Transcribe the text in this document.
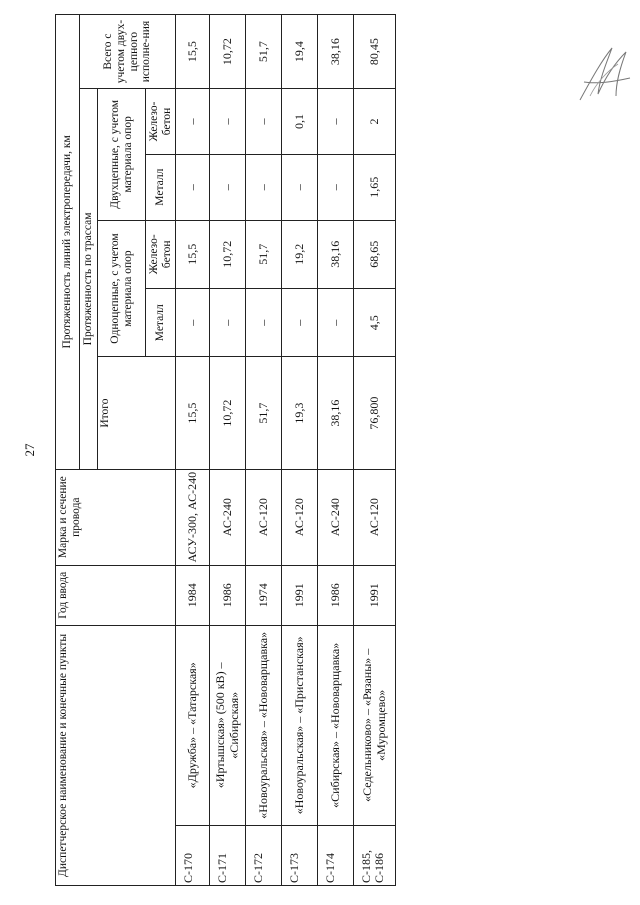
27
Диспетчерское наименование и конечные пункты		Год ввода	Марка и сечение провода	Протяженность линий электропередачи, км					
				Протяженность по трассам					Всего с учетом двух-цепного исполне-ния
				Итого	Одноцепные, с учетом материала опор		Двухцепные, с учетом материала опор		
					Металл	Железо-бетон	Металл	Железо-бетон	
С-170	«Дружба» – «Татарская»	1984	АСУ-300, АС-240	15,5	–	15,5	–	–	15,5
С-171	«Иртышская» (500 кВ) – «Сибирская»	1986	АС-240	10,72	–	10,72	–	–	10,72
С-172	«Новоуральская» – «Нововарщавка»	1974	АС-120	51,7	–	51,7	–	–	51,7
С-173	«Новоуральская» – «Пристанская»	1991	АС-120	19,3	–	19,2	–	0,1	19,4
С-174	«Сибирская» – «Нововарщавка»	1986	АС-240	38,16	–	38,16	–	–	38,16
С-185, С-186	«Седельниково» – «Рязаны» – «Муромцево»	1991	АС-120	76,800	4,5	68,65	1,65	2	80,45
